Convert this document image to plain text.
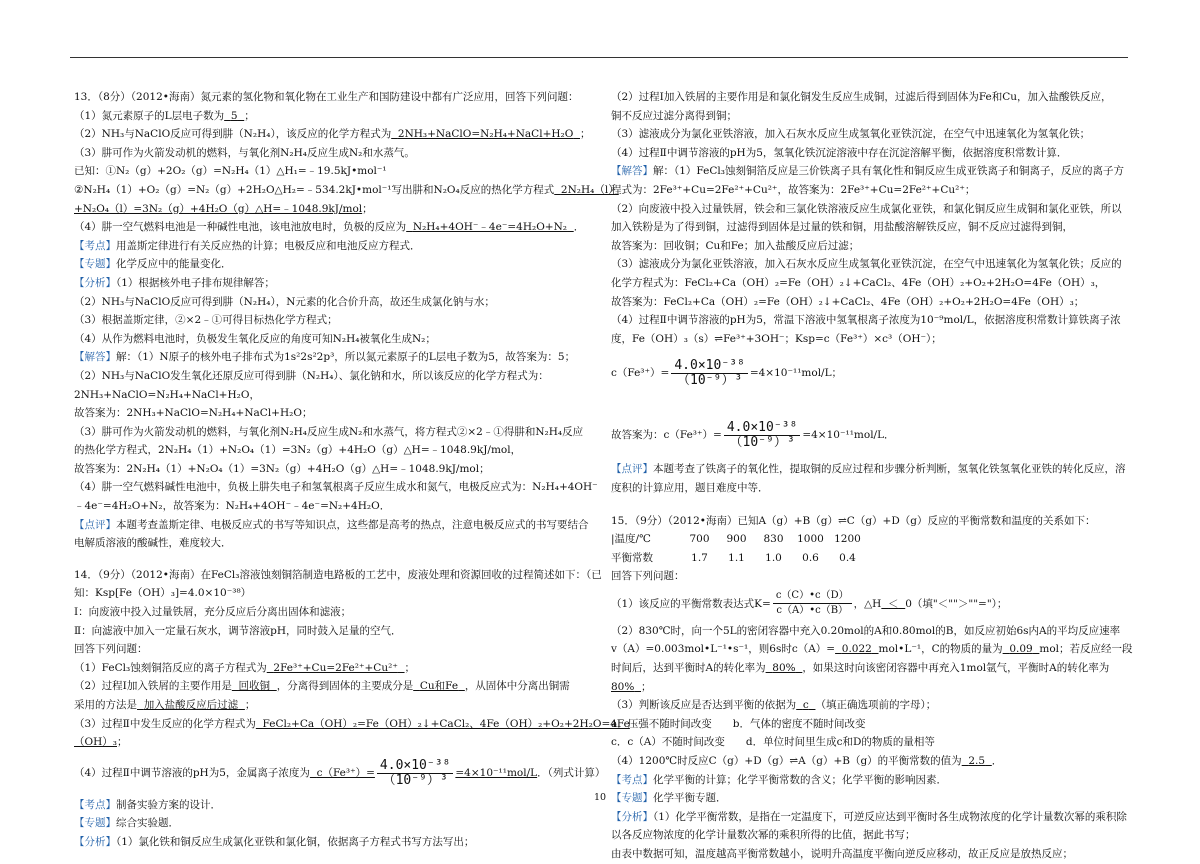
13．（8分）（2012•海南）氮元素的氢化物和氧化物在工业生产和国防建设中都有广泛应用，回答下列问题：
（1）氮元素原子的L层电子数为 5 ；
（2）NH₃与NaClO反应可得到肼（N₂H₄），该反应的化学方程式为 2NH₃+NaClO=N₂H₄+NaCl+H₂O ；
（3）肼可作为火箭发动机的燃料，与氧化剂N₂H₄反应生成N₂和水蒸气。
已知：①N₂（g）+2O₂（g）=N₂H₄（1）△H₁=﹣19.5kJ•mol⁻¹
②N₂H₄（1）+O₂（g）=N₂（g）+2H₂O△H₂=﹣534.2kJ•mol⁻¹写出肼和N₂O₄反应的热化学方程式 2N₂H₄（l）
+N₂O₄（l）=3N₂（g）+4H₂O（g）△H=﹣1048.9kJ/mol；
（4）肼一空气燃料电池是一种碱性电池，该电池放电时，负极的反应为 N₂H₄+4OH⁻﹣4e⁻=4H₂O+N₂ ．
【考点】用盖斯定律进行有关反应热的计算；电极反应和电池反应方程式．
【专题】化学反应中的能量变化．
【分析】（1）根据核外电子排布规律解答；
（2）NH₃与NaClO反应可得到肼（N₂H₄），N元素的化合价升高，故还生成氯化钠与水；
（3）根据盖斯定律，②×2﹣①可得目标热化学方程式；
（4）从作为燃料电池时，负极发生氧化反应的角度可知N₂H₄被氧化生成N₂；
【解答】解：（1）N原子的核外电子排布式为1s²2s²2p³，所以氮元素原子的L层电子数为5，故答案为：5；
（2）NH₃与NaClO发生氧化还原反应可得到肼（N₂H₄）、氯化钠和水，所以该反应的化学方程式为：
2NH₃+NaClO=N₂H₄+NaCl+H₂O，
故答案为：2NH₃+NaClO=N₂H₄+NaCl+H₂O；
（3）肼可作为火箭发动机的燃料，与氧化剂N₂H₄反应生成N₂和水蒸气，将方程式②×2﹣①得肼和N₂H₄反应
的热化学方程式，2N₂H₄（1）+N₂O₄（1）=3N₂（g）+4H₂O（g）△H=﹣1048.9kJ/mol，
故答案为：2N₂H₄（1）+N₂O₄（1）=3N₂（g）+4H₂O（g）△H=﹣1048.9kJ/mol；
（4）肼一空气燃料碱性电池中，负极上肼失电子和氢氧根离子反应生成水和氮气，电极反应式为：N₂H₄+4OH⁻
﹣4e⁻=4H₂O+N₂，故答案为：N₂H₄+4OH⁻﹣4e⁻=N₂+4H₂O．
【点评】本题考查盖斯定律、电极反应式的书写等知识点，这些都是高考的热点，注意电极反应式的书写要结合
电解质溶液的酸碱性，难度较大．
14．（9分）（2012•海南）在FeCl₃溶液蚀刻铜箔制造电路板的工艺中，废液处理和资源回收的过程简述如下：（已
知：Ksp[Fe（OH）₃]=4.0×10⁻³⁸）
Ⅰ：向废液中投入过量铁屑，充分反应后分离出固体和滤液；
Ⅱ：向滤液中加入一定量石灰水，调节溶液pH，同时鼓入足量的空气．
回答下列问题：
（1）FeCl₃蚀刻铜箔反应的离子方程式为 2Fe³⁺+Cu=2Fe²⁺+Cu²⁺ ；
（2）过程Ⅰ加入铁屑的主要作用是 回收铜 ，分离得到固体的主要成分是 Cu和Fe ，从固体中分离出铜需
采用的方法是 加入盐酸反应后过滤 ；
（3）过程Ⅱ中发生反应的化学方程式为 FeCl₂+Ca（OH）₂=Fe（OH）₂↓+CaCl₂、4Fe（OH）₂+O₂+2H₂O=4Fe
（OH）₃；
（4）过程Ⅱ中调节溶液的pH为5，金属离子浓度为 $c(Fe^{3+})= \frac{\text{4.0×10⁻³⁸}}{\text{（10⁻⁹）³}} =4\times 10^{-11}mol/L$ ．（列式计算）
【考点】制备实验方案的设计．
【专题】综合实验题．
【分析】（1）氯化铁和铜反应生成氯化亚铁和氯化铜，依据离子方程式书写方法写出；
（2）过程Ⅰ加入铁屑的主要作用是和氯化铜发生反应生成铜，过滤后得到固体为Fe和Cu，加入盐酸铁反应，
铜不反应过滤分离得到铜；
（3）滤液成分为氯化亚铁溶液，加入石灰水反应生成氢氧化亚铁沉淀，在空气中迅速氧化为氢氧化铁；
（4）过程Ⅱ中调节溶液的pH为5，氢氧化铁沉淀溶液中存在沉淀溶解平衡，依据溶度积常数计算．
【解答】解：（1）FeCl₃蚀刻铜箔反应是三价铁离子具有氧化性和铜反应生成亚铁离子和铜离子，反应的离子方
程式为：2Fe³⁺+Cu=2Fe²⁺+Cu²⁺，故答案为：2Fe³⁺+Cu=2Fe²⁺+Cu²⁺；
（2）向废液中投入过量铁屑，铁会和三氯化铁溶液反应生成氯化亚铁，和氯化铜反应生成铜和氯化亚铁，所以
加入铁粉是为了得到铜，过滤得到固体是过量的铁和铜，用盐酸溶解铁反应，铜不反应过滤得到铜，
故答案为：回收铜；Cu和Fe；加入盐酸反应后过滤；
（3）滤液成分为氯化亚铁溶液，加入石灰水反应生成氢氧化亚铁沉淀，在空气中迅速氧化为氢氧化铁；反应的
化学方程式为：FeCl₂+Ca（OH）₂=Fe（OH）₂↓+CaCl₂、4Fe（OH）₂+O₂+2H₂O=4Fe（OH）₃，
故答案为：FeCl₂+Ca（OH）₂=Fe（OH）₂↓+CaCl₂、4Fe（OH）₂+O₂+2H₂O=4Fe（OH）₃；
（4）过程Ⅱ中调节溶液的pH为5，常温下溶液中氢氧根离子浓度为10⁻⁹mol/L，依据溶度积常数计算铁离子浓
度，Fe（OH）₃（s）⇌Fe³⁺+3OH⁻；Ksp=c（Fe³⁺）×c³（OH⁻）；
$c(Fe^{3+})= \frac{\text{4.0×10⁻³⁸}}{\text{（10⁻⁹）³}} =4\times 10^{-11}mol/L$；
故答案为：$c(Fe^{3+})= \frac{\text{4.0×10⁻³⁸}}{\text{（10⁻⁹）³}} =4\times 10^{-11}mol/L$．
【点评】本题考查了铁离子的氧化性，提取铜的反应过程和步骤分析判断，氢氧化铁氢氧化亚铁的转化反应，溶
度积的计算应用，题目难度中等．
15．（9分）（2012•海南）已知A（g）+B（g）⇌C（g）+D（g）反应的平衡常数和温度的关系如下：
|温度/℃	700 900 830 1000 1200
平衡常数	1.7 1.1 1.0 0.6 0.4
回答下列问题：
（1）该反应的平衡常数表达式$K= \frac{c(C)•c(D)}{c(A)•c(B)}$ ，△H ＜ 0（填"＜""＞""="）；
（2）830℃时，向一个5L的密闭容器中充入0.20mol的A和0.80mol的B，如反应初始6s内A的平均反应速率
v（A）=0.003mol•L⁻¹•s⁻¹，则6s时c（A）= 0.022 mol•L⁻¹，C的物质的量为 0.09 mol；若反应经一段
时间后，达到平衡时A的转化率为 80% ，如果这时向该密闭容器中再充入1mol氩气，平衡时A的转化率为
80% ；
（3）判断该反应是否达到平衡的依据为 c （填正确选项前的字母）；
a．压强不随时间改变　　b．气体的密度不随时间改变
c．c（A）不随时间改变　　d．单位时间里生成c和D的物质的量相等
（4）1200℃时反应C（g）+D（g）⇌A（g）+B（g）的平衡常数的值为 2.5 ．
【考点】化学平衡的计算；化学平衡常数的含义；化学平衡的影响因素．
【专题】化学平衡专题．
【分析】（1）化学平衡常数，是指在一定温度下，可逆反应达到平衡时各生成物浓度的化学计量数次幂的乘积除
以各反应物浓度的化学计量数次幂的乘积所得的比值，据此书写；
由表中数据可知，温度越高平衡常数越小，说明升高温度平衡向逆反应移动，故正反应是放热反应；
10
